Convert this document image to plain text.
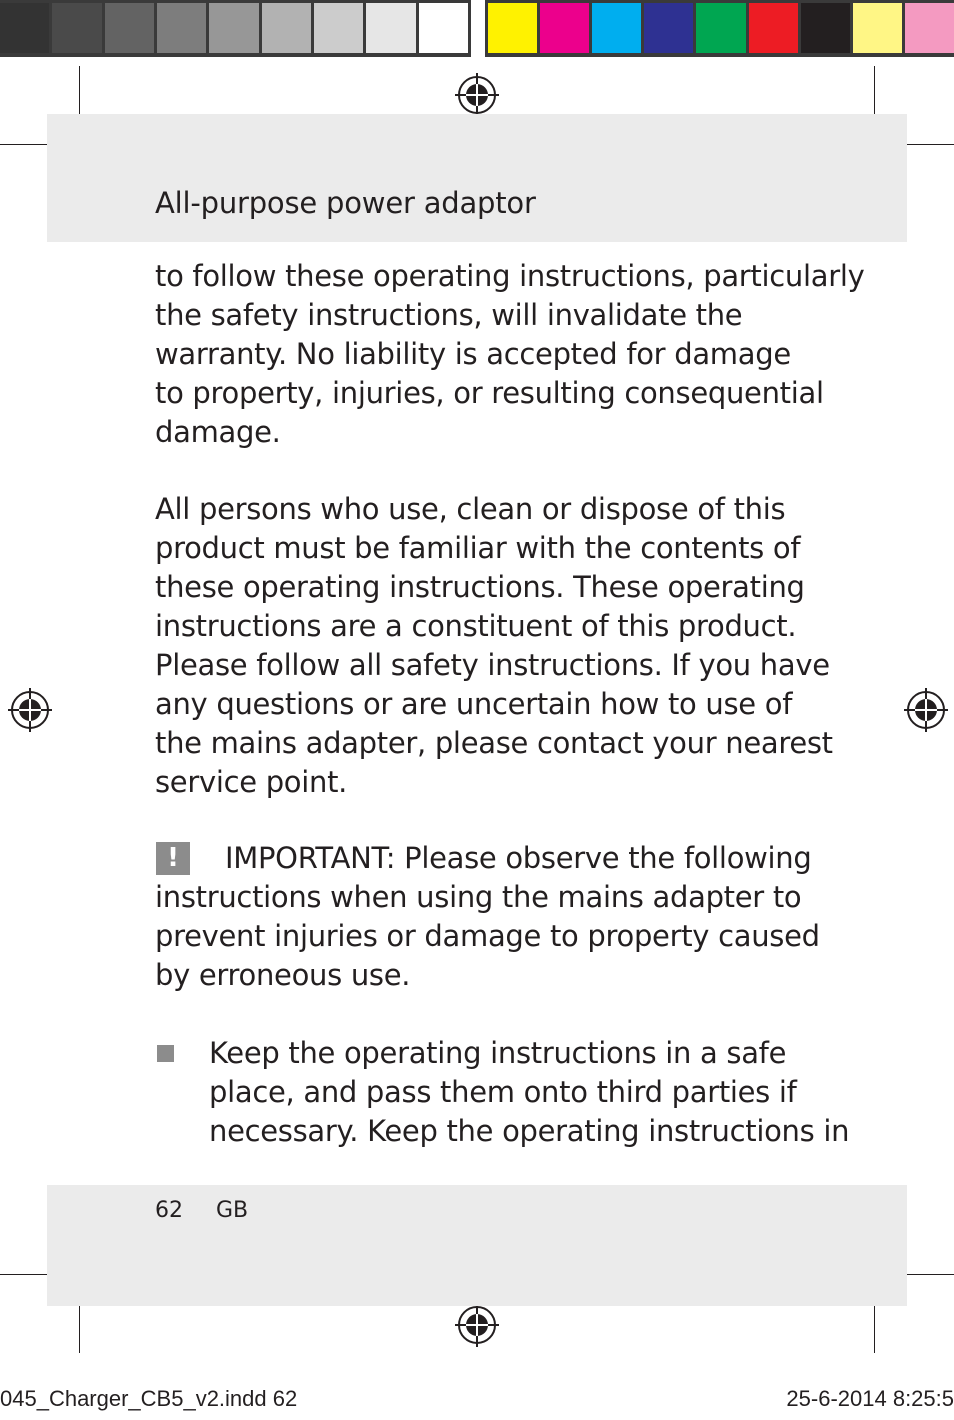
All-purpose power adaptor
to follow these operating instructions, particularly
the safety instructions, will invalidate the
warranty. No liability is accepted for damage
to property, injuries, or resulting consequential
damage.
All persons who use, clean or dispose of this
product must be familiar with the contents of
these operating instructions. These operating
instructions are a constituent of this product.
Please follow all safety instructions. If you have
any questions or are uncertain how to use of
the mains adapter, please contact your nearest
service point.
!	IMPORTANT: Please observe the following
instructions when using the mains adapter to
prevent injuries or damage to property caused
by erroneous use.
Keep the operating instructions in a safe
place, and pass them onto third parties if
necessary. Keep the operating instructions in
62 GB
045_Charger_CB5_v2.indd 62	25-6-2014 8:25:5
